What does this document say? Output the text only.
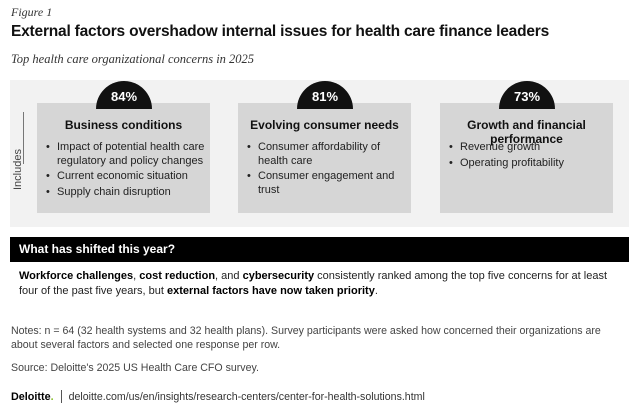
Figure 1
External factors overshadow internal issues for health care finance leaders
Top health care organizational concerns in 2025
Includes
Business conditions
• Impact of potential health care regulatory and policy changes
• Current economic situation
• Supply chain disruption
Evolving consumer needs
• Consumer affordability of health care
• Consumer engagement and trust
Growth and financial performance
• Revenue growth
• Operating profitability
84%	81%	73%
What has shifted this year?
Workforce challenges, cost reduction, and cybersecurity consistently ranked among the top five concerns for at least four of the past five years, but external factors have now taken priority.
Notes: n = 64 (32 health systems and 32 health plans). Survey participants were asked how concerned their organizations are about several factors and selected one response per row.
Source: Deloitte's 2025 US Health Care CFO survey.
Deloitte. deloitte.com/us/en/insights/research-centers/center-for-health-solutions.html
